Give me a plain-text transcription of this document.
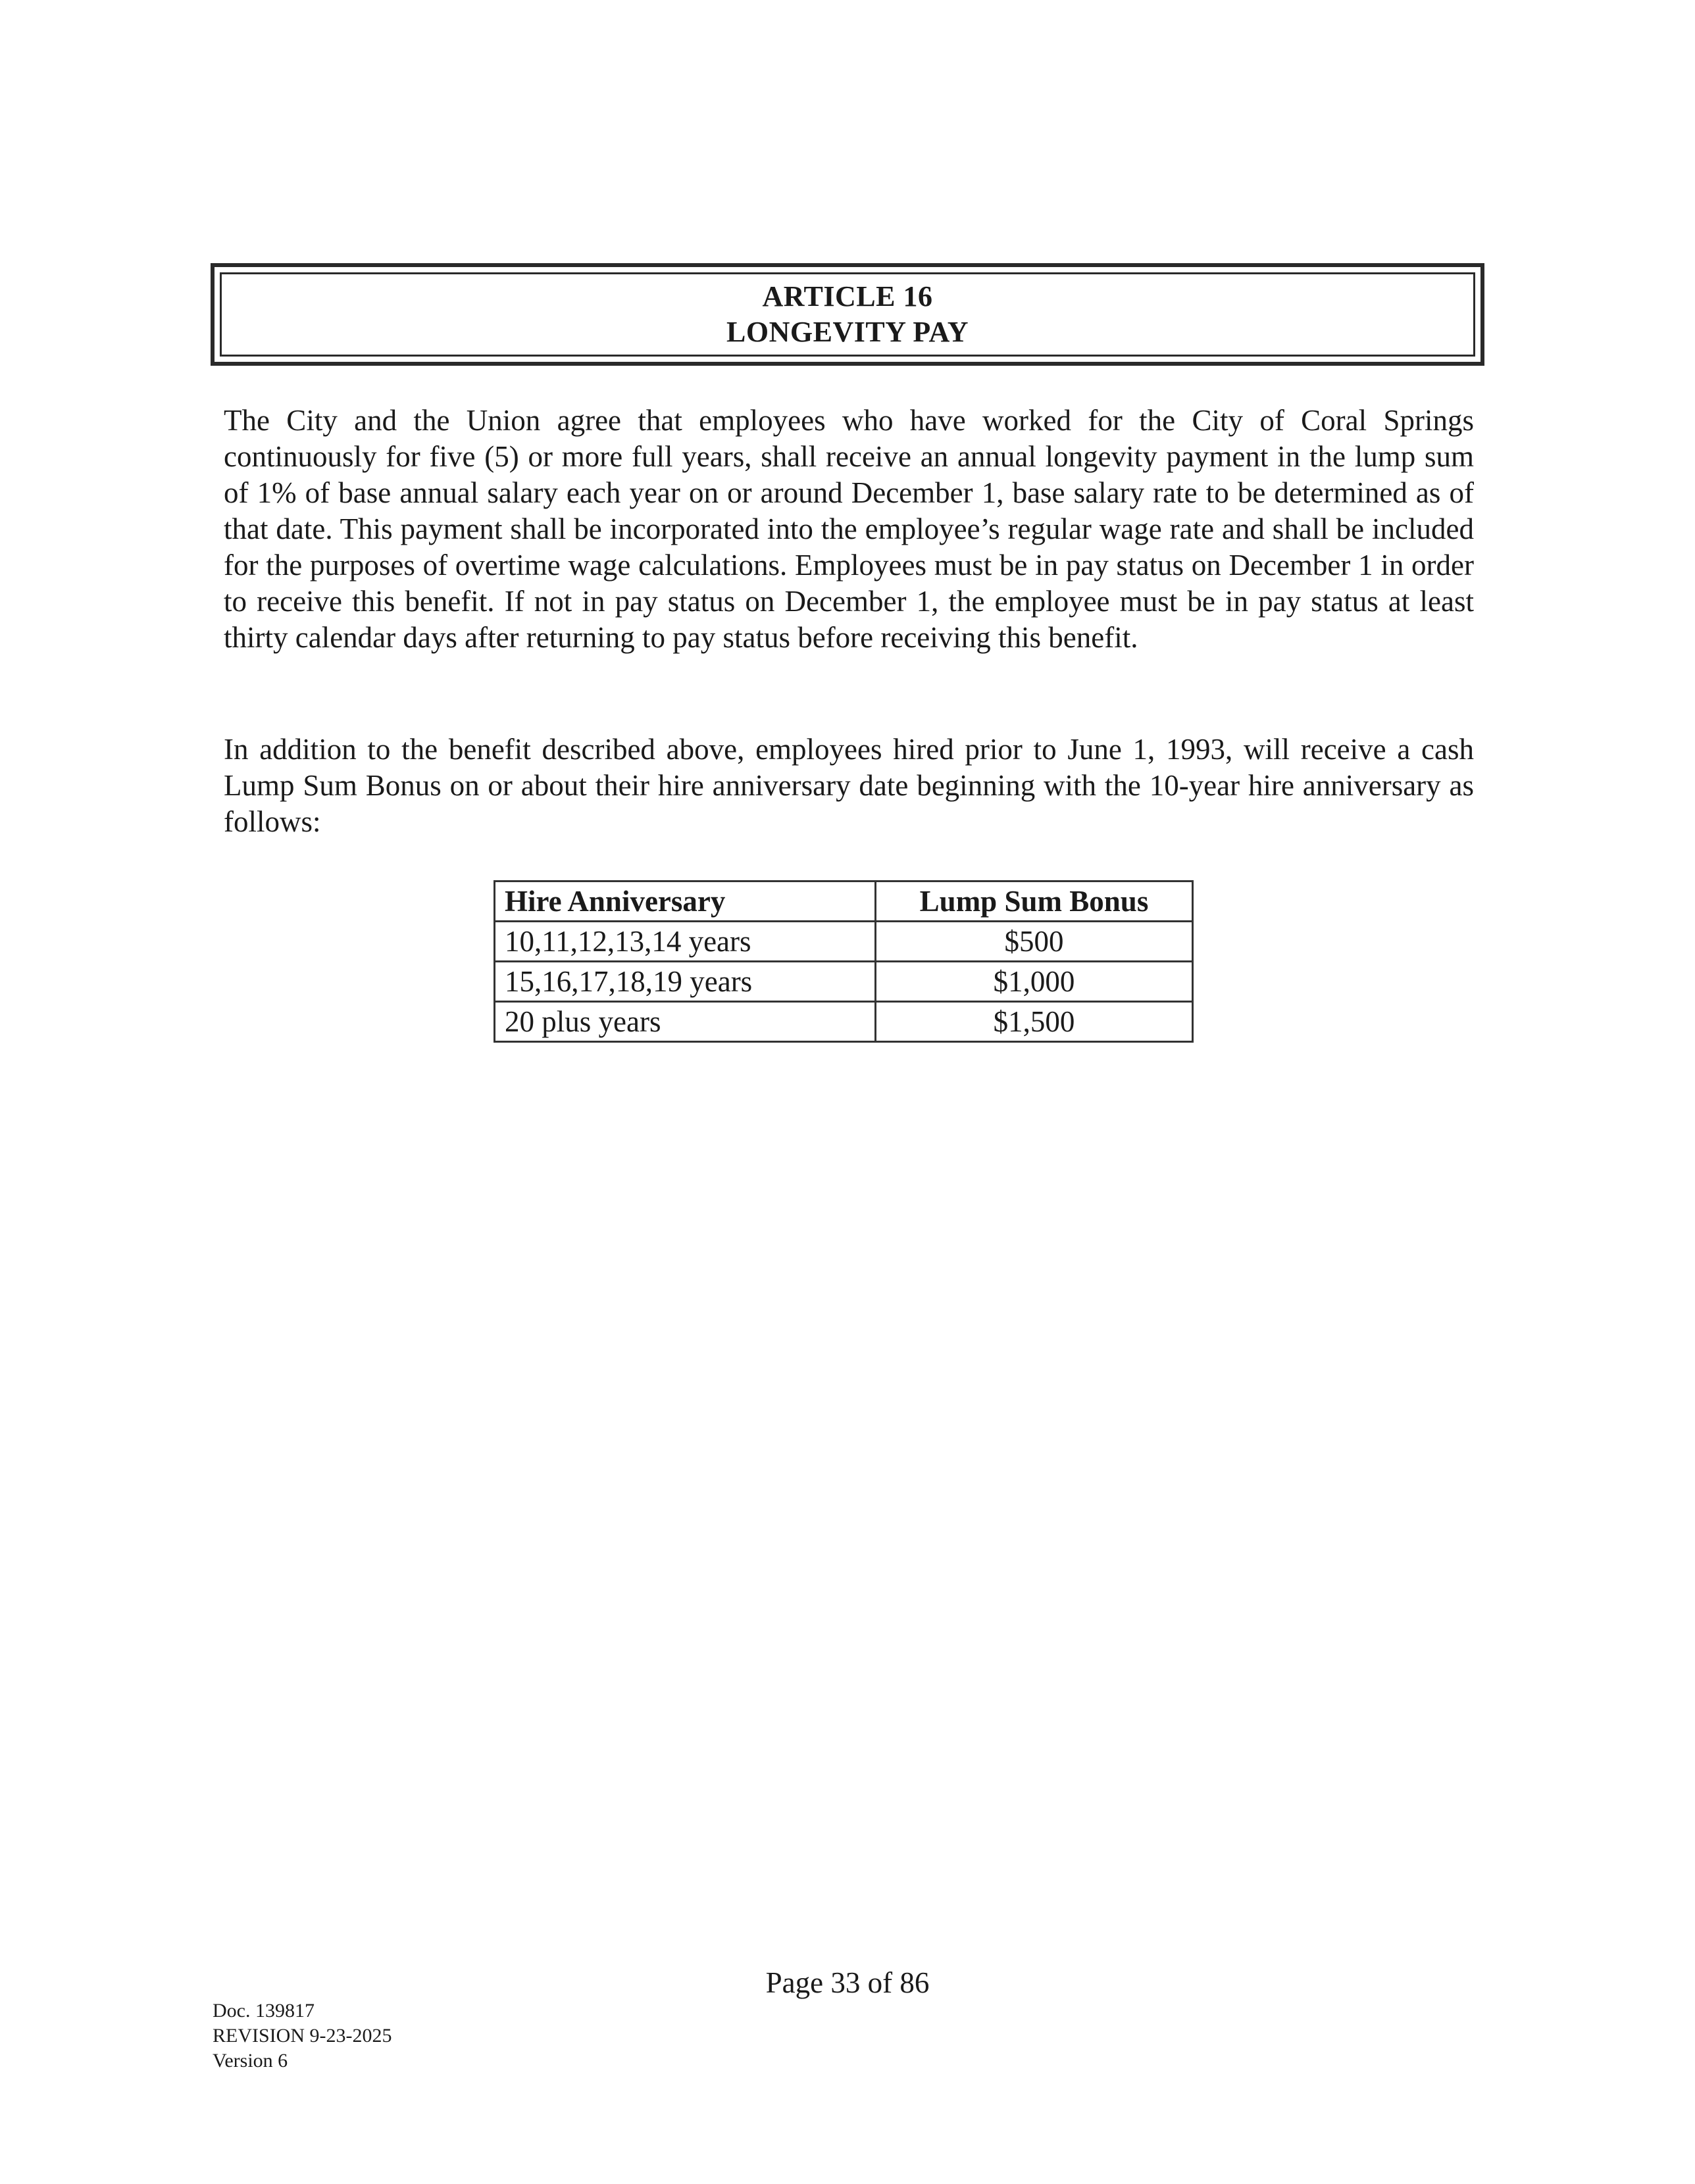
ARTICLE 16
LONGEVITY PAY

The City and the Union agree that employees who have worked for the City of Coral Springs continuously for five (5) or more full years, shall receive an annual longevity payment in the lump sum of 1% of base annual salary each year on or around December 1, base salary rate to be determined as of that date. This payment shall be incorporated into the employee’s regular wage rate and shall be included for the purposes of overtime wage calculations. Employees must be in pay status on December 1 in order to receive this benefit. If not in pay status on December 1, the employee must be in pay status at least thirty calendar days after returning to pay status before receiving this benefit.

In addition to the benefit described above, employees hired prior to June 1, 1993, will receive a cash Lump Sum Bonus on or about their hire anniversary date beginning with the 10-year hire anniversary as follows:

Hire Anniversary	Lump Sum Bonus
10,11,12,13,14 years	$500
15,16,17,18,19 years	$1,000
20 plus years	$1,500
Page 33 of 86
Doc. 139817
REVISION 9-23-2025
Version 6
